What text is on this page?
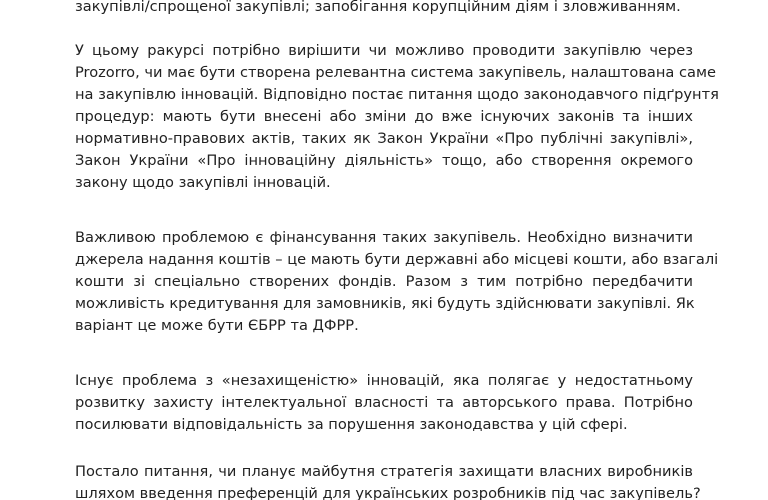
закупівлі/спрощеної закупівлі; запобігання корупційним діям і зловживанням.

У цьому ракурсі потрібно вирішити чи можливо проводити закупівлю через

Prozorro, чи має бути створена релевантна система закупівель, налаштована саме

на закупівлю інновацій. Відповідно постає питання щодо законодавчого підґрунтя

процедур: мають бути внесені або зміни до вже існуючих законів та інших

нормативно-правових актів, таких як Закон України «Про публічні закупівлі»,

Закон України «Про інноваційну діяльність» тощо, або створення окремого

закону щодо закупівлі інновацій.

Важливою проблемою є фінансування таких закупівель. Необхідно визначити

джерела надання коштів – це мають бути державні або місцеві кошти, або взагалі

кошти зі спеціально створених фондів. Разом з тим потрібно передбачити

можливість кредитування для замовників, які будуть здійснювати закупівлі. Як

варіант це може бути ЄБРР та ДФРР.

Існує проблема з «незахищеністю» інновацій, яка полягає у недостатньому

розвитку захисту інтелектуальної власності та авторського права. Потрібно

посилювати відповідальність за порушення законодавства у цій сфері.

Постало питання, чи планує майбутня стратегія захищати власних виробників

шляхом введення преференцій для українських розробників під час закупівель?
